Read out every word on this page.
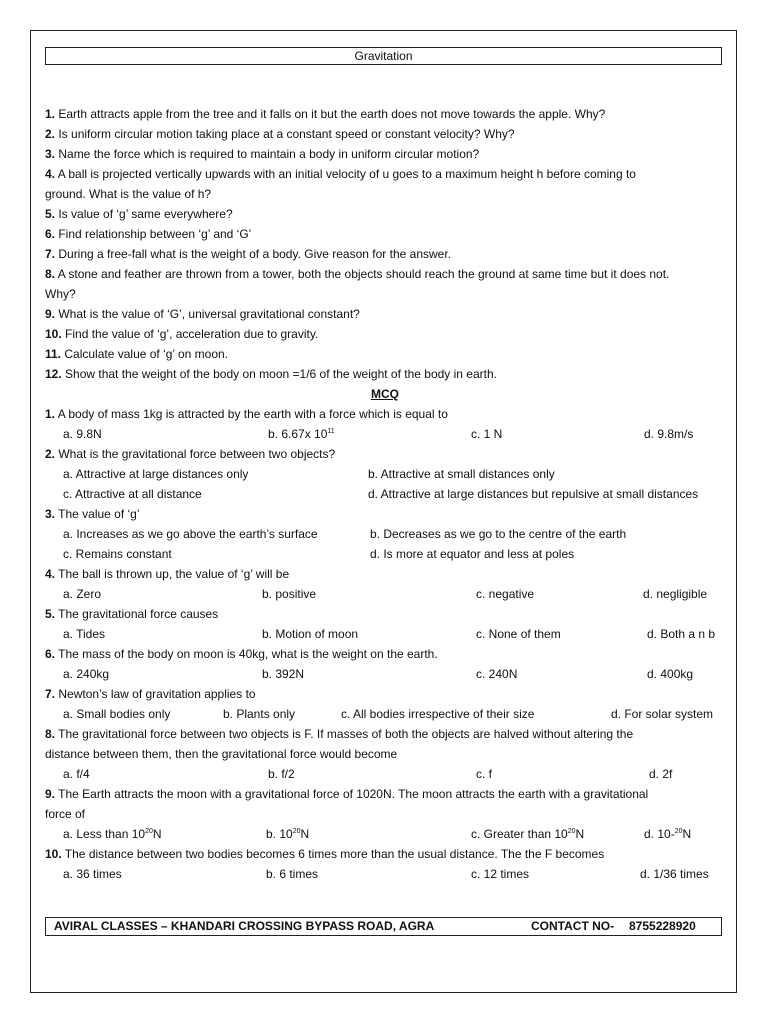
Gravitation
1. Earth attracts apple from the tree and it falls on it but the earth does not move towards the apple. Why?
2. Is uniform circular motion taking place at a constant speed or constant velocity? Why?
3. Name the force which is required to maintain a body in uniform circular motion?
4. A ball is projected vertically upwards with an initial velocity of u goes to a maximum height h before coming to
ground. What is the value of h?
5. Is value of ‘g’ same everywhere?
6. Find relationship between ‘g’ and ‘G’
7. During a free-fall what is the weight of a body. Give reason for the answer.
8. A stone and feather are thrown from a tower, both the objects should reach the ground at same time but it does not.
Why?
9. What is the value of ‘G’, universal gravitational constant?
10. Find the value of ‘g’, acceleration due to gravity.
11. Calculate value of ‘g’ on moon.
12. Show that the weight of the body on moon =1/6 of the weight of the body in earth.
MCQ
1. A body of mass 1kg is attracted by the earth with a force which is equal to
a. 9.8N	b. 6.67x $10^{11}$	c. 1 N	d. 9.8m/s
2. What is the gravitational force between two objects?
a. Attractive at large distances only	b. Attractive at small distances only
c. Attractive at all distance	d. Attractive at large distances but repulsive at small distances
3. The value of ‘g’
a. Increases as we go above the earth’s surface	b. Decreases as we go to the centre of the earth
c. Remains constant	d. Is more at equator and less at poles
4. The ball is thrown up, the value of ‘g’ will be
a. Zero	b. positive	c. negative	d. negligible
5. The gravitational force causes
a. Tides	b. Motion of moon	c. None of them	d. Both a n b
6. The mass of the body on moon is 40kg, what is the weight on the earth.
a. 240kg	b. 392N	c. 240N	d. 400kg
7. Newton’s law of gravitation applies to
a. Small bodies only	b. Plants only	c. All bodies irrespective of their size	d. For solar system
8. The gravitational force between two objects is F. If masses of both the objects are halved without altering the
distance between them, then the gravitational force would become
a. f/4	b. f/2	c. f	d. 2f
9. The Earth attracts the moon with a gravitational force of 1020N. The moon attracts the earth with a gravitational
force of
a. Less than $10^{20}N$	b. $10^{20}N$	c. Greater than $10^{20}N$	d. 10-$^{20}$N
10. The distance between two bodies becomes 6 times more than the usual distance. The the F becomes
a. 36 times	b. 6 times	c. 12 times	d. 1/36 times
AVIRAL CLASSES – KHANDARI CROSSING BYPASS ROAD, AGRA	CONTACT NO- 8755228920
